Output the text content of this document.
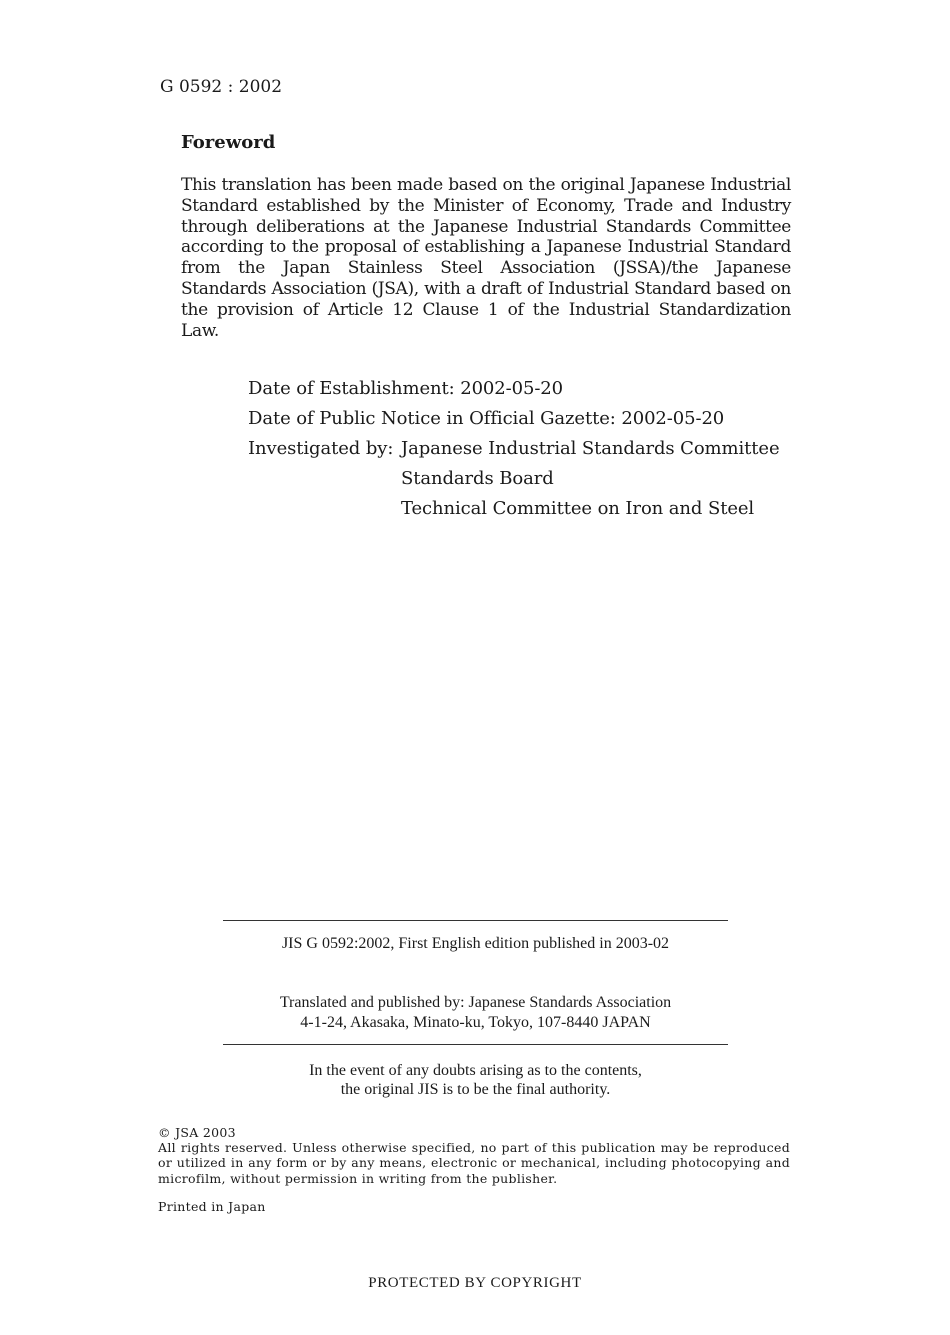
G 0592 : 2002
Foreword
This translation has been made based on the original Japanese Industrial Standard established by the Minister of Economy, Trade and Industry through deliberations at the Japanese Industrial Standards Committee according to the proposal of establishing a Japanese Industrial Standard from the Japan Stainless Steel Association (JSSA)/the Japanese Standards Association (JSA), with a draft of Industrial Standard based on the provision of Article 12 Clause 1 of the Industrial Standardization Law.
Date of Establishment: 2002-05-20
Date of Public Notice in Official Gazette: 2002-05-20
Investigated by: Japanese Industrial Standards Committee
Standards Board
Technical Committee on Iron and Steel
JIS G 0592:2002, First English edition published in 2003-02
Translated and published by: Japanese Standards Association
4-1-24, Akasaka, Minato-ku, Tokyo, 107-8440 JAPAN
In the event of any doubts arising as to the contents,
the original JIS is to be the final authority.
© JSA 2003
All rights reserved. Unless otherwise specified, no part of this publication may be reproduced or utilized in any form or by any means, electronic or mechanical, including photocopying and microfilm, without permission in writing from the publisher.
Printed in Japan
PROTECTED BY COPYRIGHT
